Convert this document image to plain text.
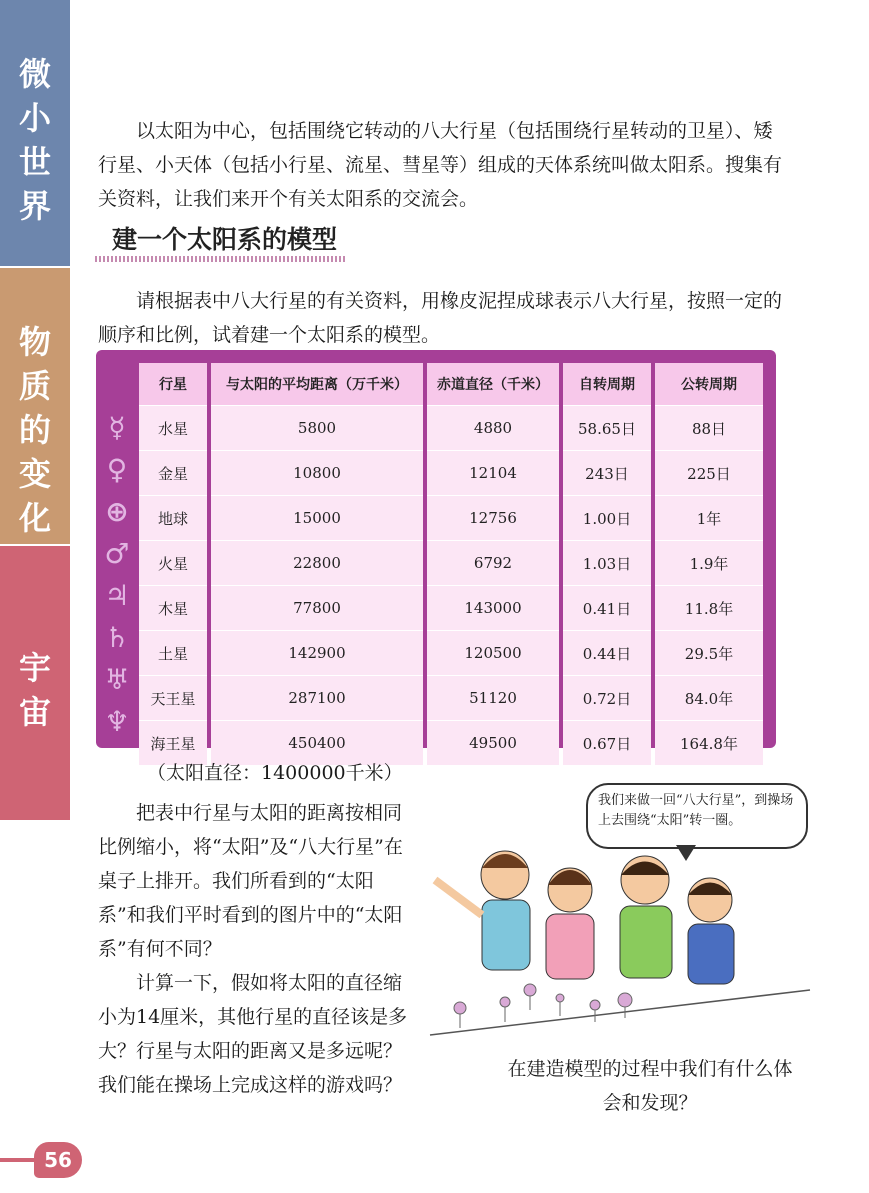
微
小
世
界
物
质
的
变
化
宇
宙
以太阳为中心，包括围绕它转动的八大行星（包括围绕行星转动的卫星）、矮行星、小天体（包括小行星、流星、彗星等）组成的天体系统叫做太阳系。搜集有关资料，让我们来开个有关太阳系的交流会。
建一个太阳系的模型
请根据表中八大行星的有关资料，用橡皮泥捏成球表示八大行星，按照一定的顺序和比例，试着建一个太阳系的模型。
☿
♀
⊕
♂
♃
♄
♅
♆
行星	与太阳的平均距离（万千米）	赤道直径（千米）	自转周期	公转周期
水星	5800	4880	58.65日	88日
金星	10800	12104	243日	225日
地球	15000	12756	1.00日	1年
火星	22800	6792	1.03日	1.9年
木星	77800	143000	0.41日	11.8年
土星	142900	120500	0.44日	29.5年
天王星	287100	51120	0.72日	84.0年
海王星	450400	49500	0.67日	164.8年
（太阳直径：1400000千米）

把表中行星与太阳的距离按相同比例缩小，将“太阳”及“八大行星”在桌子上排开。我们所看到的“太阳系”和我们平时看到的图片中的“太阳系”有何不同？

计算一下，假如将太阳的直径缩小为14厘米，其他行星的直径该是多大？行星与太阳的距离又是多远呢？我们能在操场上完成这样的游戏吗？

我们来做一回“八大行星”，到操场上去围绕“太阳”转一圈。
在建造模型的过程中我们有什么体会和发现？
56
